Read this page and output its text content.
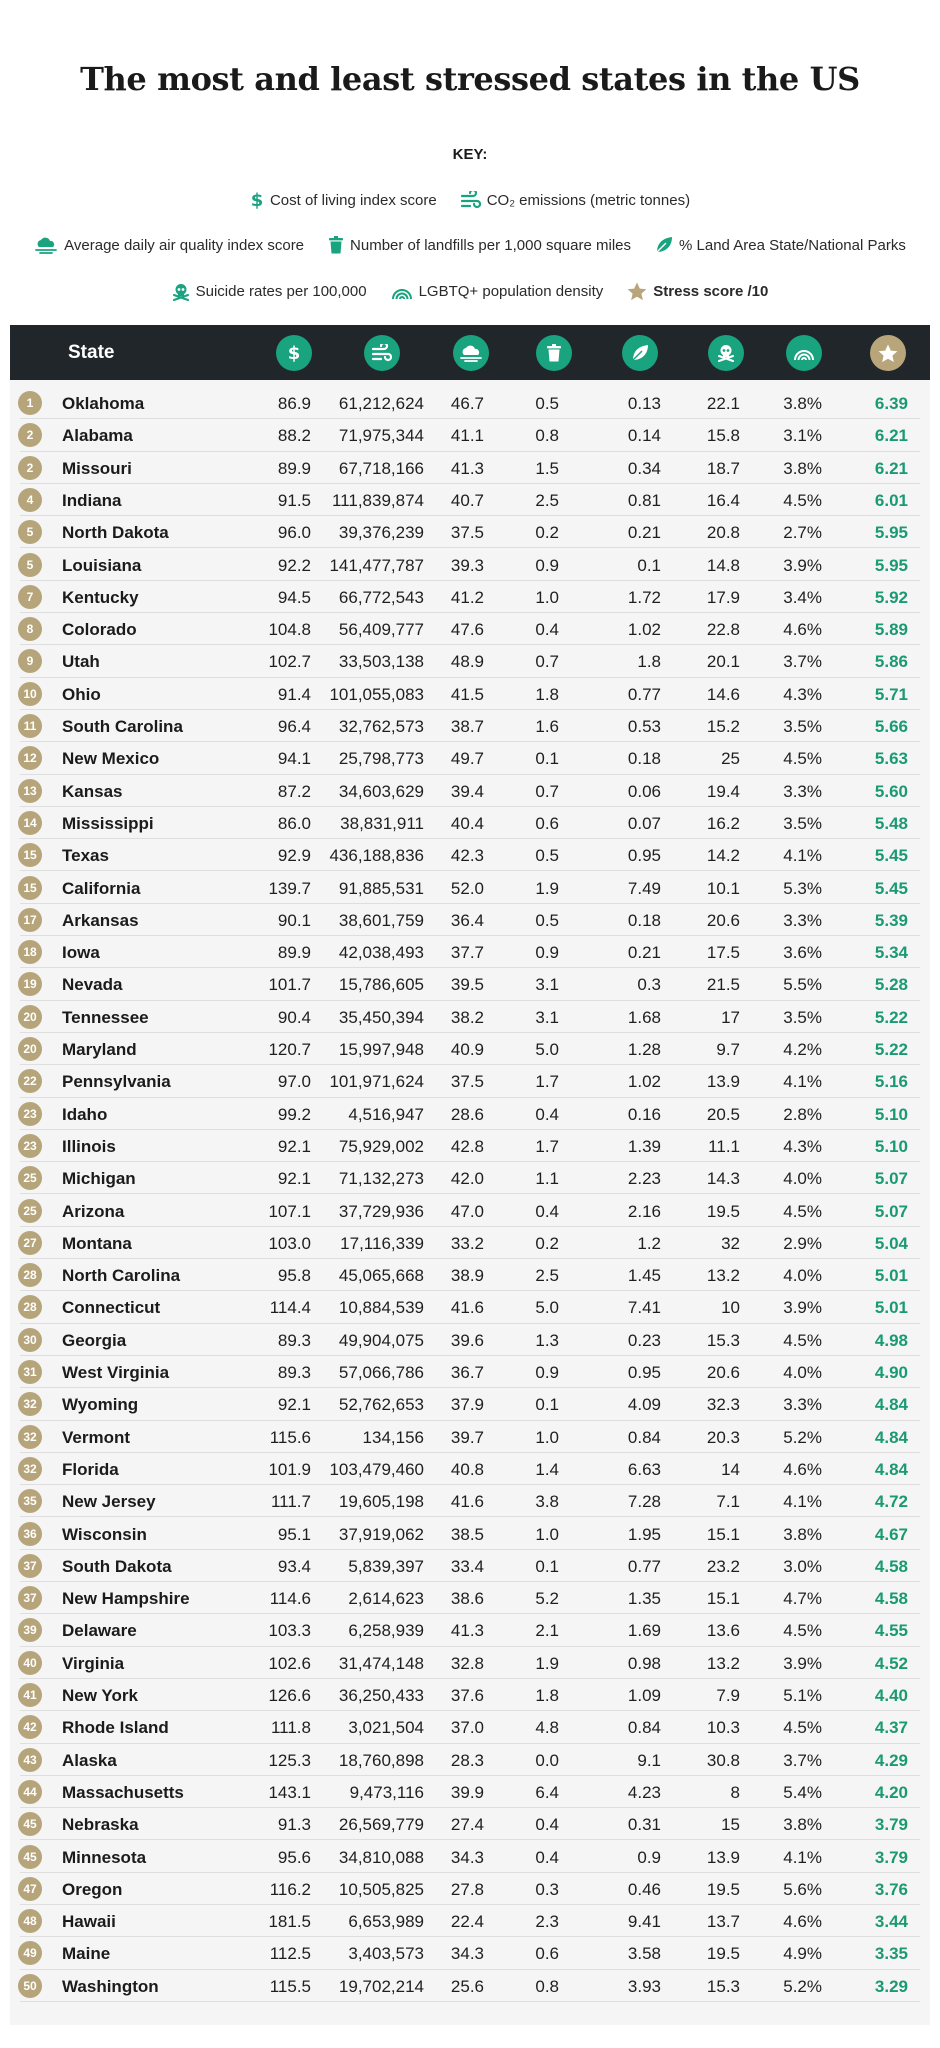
The most and least stressed states in the US
KEY:
$ Cost of living index score	CO₂ emissions (metric tonnes)
Average daily air quality index score	Number of landfills per 1,000 square miles	% Land Area State/National Parks
Suicide rates per 100,000	LGBTQ+ population density	Stress score /10
State	$
1	Oklahoma	86.9 61,212,624 46.7	0.5	0.13	22.1	3.8%	6.39
2	Alabama	88.2 71,975,344 41.1	0.8	0.14	15.8	3.1%	6.21
2	Missouri	89.9 67,718,166 41.3	1.5	0.34	18.7	3.8%	6.21
4	Indiana	91.5 111,839,874 40.7	2.5	0.81	16.4	4.5%	6.01
5	North Dakota	96.0 39,376,239 37.5	0.2	0.21	20.8	2.7%	5.95
5	Louisiana	92.2 141,477,787 39.3	0.9	0.1	14.8	3.9%	5.95
7	Kentucky	94.5 66,772,543 41.2	1.0	1.72	17.9	3.4%	5.92
8	Colorado	104.8 56,409,777 47.6	0.4	1.02	22.8	4.6%	5.89
9	Utah	102.7 33,503,138 48.9	0.7	1.8	20.1	3.7%	5.86
10	Ohio	91.4 101,055,083 41.5	1.8	0.77	14.6	4.3%	5.71
11	South Carolina	96.4 32,762,573 38.7	1.6	0.53	15.2	3.5%	5.66
12	New Mexico	94.1 25,798,773 49.7	0.1	0.18	25	4.5%	5.63
13	Kansas	87.2 34,603,629 39.4	0.7	0.06	19.4	3.3%	5.60
14	Mississippi	86.0 38,831,911 40.4	0.6	0.07	16.2	3.5%	5.48
15	Texas	92.9 436,188,836 42.3	0.5	0.95	14.2	4.1%	5.45
15	California	139.7 91,885,531 52.0	1.9	7.49	10.1	5.3%	5.45
17	Arkansas	90.1 38,601,759 36.4	0.5	0.18	20.6	3.3%	5.39
18	Iowa	89.9 42,038,493 37.7	0.9	0.21	17.5	3.6%	5.34
19	Nevada	101.7 15,786,605 39.5	3.1	0.3	21.5	5.5%	5.28
20	Tennessee	90.4 35,450,394 38.2	3.1	1.68	17	3.5%	5.22
20	Maryland	120.7 15,997,948 40.9	5.0	1.28	9.7	4.2%	5.22
22	Pennsylvania	97.0 101,971,624 37.5	1.7	1.02	13.9	4.1%	5.16
23	Idaho	99.2 4,516,947 28.6	0.4	0.16	20.5	2.8%	5.10
23	Illinois	92.1 75,929,002 42.8	1.7	1.39	11.1	4.3%	5.10
25	Michigan	92.1 71,132,273 42.0	1.1	2.23	14.3	4.0%	5.07
25	Arizona	107.1 37,729,936 47.0	0.4	2.16	19.5	4.5%	5.07
27	Montana	103.0 17,116,339 33.2	0.2	1.2	32	2.9%	5.04
28	North Carolina	95.8 45,065,668 38.9	2.5	1.45	13.2	4.0%	5.01
28	Connecticut	114.4 10,884,539 41.6	5.0	7.41	10	3.9%	5.01
30	Georgia	89.3 49,904,075 39.6	1.3	0.23	15.3	4.5%	4.98
31	West Virginia	89.3 57,066,786 36.7	0.9	0.95	20.6	4.0%	4.90
32	Wyoming	92.1 52,762,653 37.9	0.1	4.09	32.3	3.3%	4.84
32	Vermont	115.6	134,156 39.7	1.0	0.84	20.3	5.2%	4.84
32	Florida	101.9 103,479,460 40.8	1.4	6.63	14	4.6%	4.84
35	New Jersey	111.7 19,605,198 41.6	3.8	7.28	7.1	4.1%	4.72
36	Wisconsin	95.1 37,919,062 38.5	1.0	1.95	15.1	3.8%	4.67
37	South Dakota	93.4 5,839,397 33.4	0.1	0.77	23.2	3.0%	4.58
37	New Hampshire	114.6 2,614,623 38.6	5.2	1.35	15.1	4.7%	4.58
39	Delaware	103.3 6,258,939 41.3	2.1	1.69	13.6	4.5%	4.55
40	Virginia	102.6 31,474,148 32.8	1.9	0.98	13.2	3.9%	4.52
41	New York	126.6 36,250,433 37.6	1.8	1.09	7.9	5.1%	4.40
42	Rhode Island	111.8 3,021,504 37.0	4.8	0.84	10.3	4.5%	4.37
43	Alaska	125.3 18,760,898 28.3	0.0	9.1	30.8	3.7%	4.29
44	Massachusetts	143.1 9,473,116 39.9	6.4	4.23	8	5.4%	4.20
45	Nebraska	91.3 26,569,779 27.4	0.4	0.31	15	3.8%	3.79
45	Minnesota	95.6 34,810,088 34.3	0.4	0.9	13.9	4.1%	3.79
47	Oregon	116.2 10,505,825 27.8	0.3	0.46	19.5	5.6%	3.76
48	Hawaii	181.5 6,653,989 22.4	2.3	9.41	13.7	4.6%	3.44
49	Maine	112.5 3,403,573 34.3	0.6	3.58	19.5	4.9%	3.35
50	Washington	115.5 19,702,214 25.6	0.8	3.93	15.3	5.2%	3.29
